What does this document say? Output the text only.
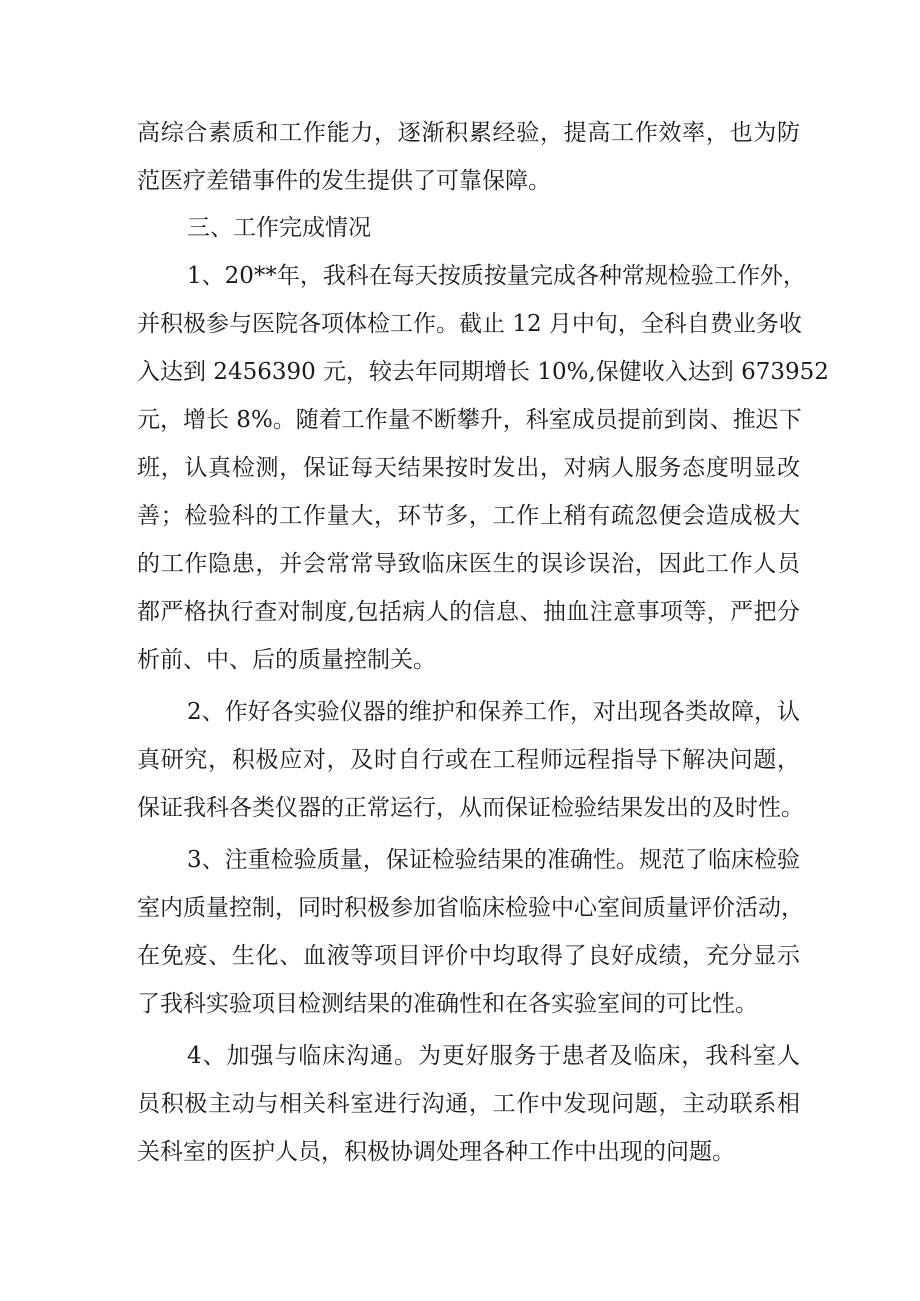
高综合素质和工作能力，逐渐积累经验，提高工作效率，也为防

范医疗差错事件的发生提供了可靠保障。

三、工作完成情况

1、20**年，我科在每天按质按量完成各种常规检验工作外，

并积极参与医院各项体检工作。截止 12 月中旬，全科自费业务收

入达到 2456390 元，较去年同期增长 10%,保健收入达到 673952

元，增长 8%。随着工作量不断攀升，科室成员提前到岗、推迟下

班，认真检测，保证每天结果按时发出，对病人服务态度明显改

善；检验科的工作量大，环节多，工作上稍有疏忽便会造成极大

的工作隐患，并会常常导致临床医生的误诊误治，因此工作人员

都严格执行查对制度,包括病人的信息、抽血注意事项等，严把分

析前、中、后的质量控制关。

2、作好各实验仪器的维护和保养工作，对出现各类故障，认

真研究，积极应对，及时自行或在工程师远程指导下解决问题，

保证我科各类仪器的正常运行，从而保证检验结果发出的及时性。

3、注重检验质量，保证检验结果的准确性。规范了临床检验

室内质量控制，同时积极参加省临床检验中心室间质量评价活动，

在免疫、生化、血液等项目评价中均取得了良好成绩，充分显示

了我科实验项目检测结果的准确性和在各实验室间的可比性。

4、加强与临床沟通。为更好服务于患者及临床，我科室人

员积极主动与相关科室进行沟通，工作中发现问题，主动联系相

关科室的医护人员，积极协调处理各种工作中出现的问题。
